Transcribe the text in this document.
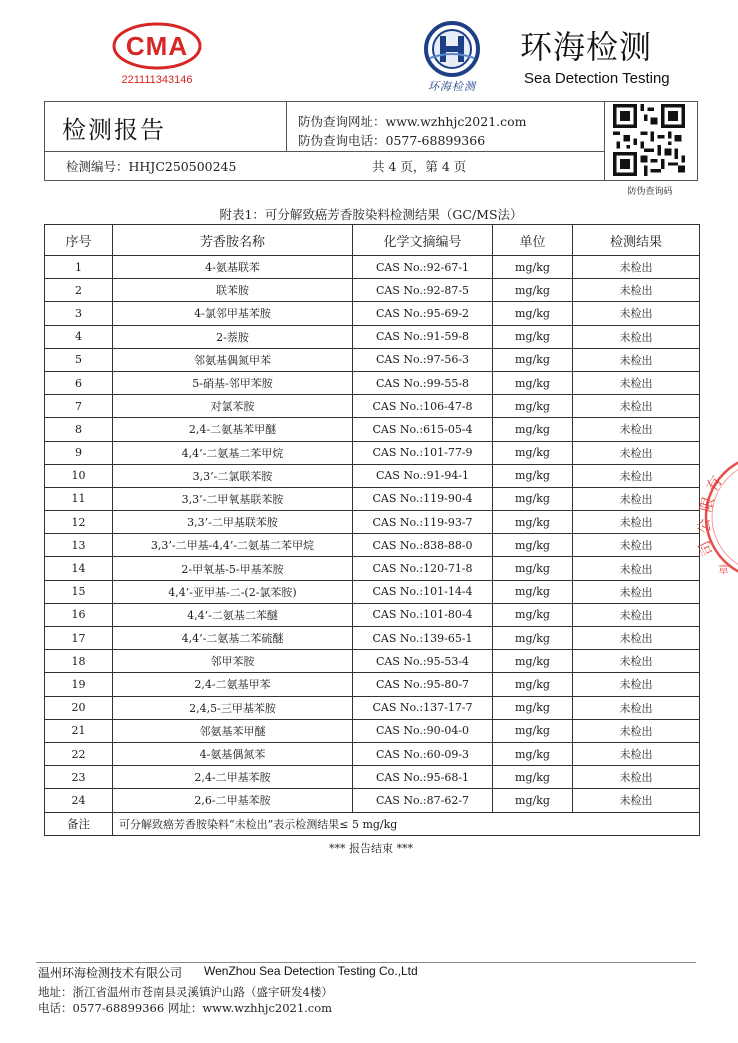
CMA
221111343146	环海检测
环海检测
Sea Detection Testing
检测报告	防伪查询网址：www.wzhhjc2021.com
防伪查询电话：0577-68899366
检测编号：HHJC250500245	共 4 页，第 4 页
防伪查询码
附表1：可分解致癌芳香胺染料检测结果（GC/MS法）
序号	芳香胺名称	化学文摘编号	单位	检测结果
1	4-氨基联苯	CAS No.:92-67-1	mg/kg	未检出
2	联苯胺	CAS No.:92-87-5	mg/kg	未检出
3	4-氯邻甲基苯胺	CAS No.:95-69-2	mg/kg	未检出
4	2-萘胺	CAS No.:91-59-8	mg/kg	未检出
5	邻氨基偶氮甲苯	CAS No.:97-56-3	mg/kg	未检出
6	5-硝基-邻甲苯胺	CAS No.:99-55-8	mg/kg	未检出
7	对氯苯胺	CAS No.:106-47-8	mg/kg	未检出
8	2,4-二氨基苯甲醚	CAS No.:615-05-4	mg/kg	未检出
9	4,4’-二氨基二苯甲烷	CAS No.:101-77-9	mg/kg	未检出
10	3,3’-二氯联苯胺	CAS No.:91-94-1	mg/kg	未检出
11	3,3’-二甲氧基联苯胺	CAS No.:119-90-4	mg/kg	未检出
12	3,3’-二甲基联苯胺	CAS No.:119-93-7	mg/kg	未检出
13	3,3’-二甲基-4,4’-二氨基二苯甲烷	CAS No.:838-88-0	mg/kg	未检出
14	2-甲氧基-5-甲基苯胺	CAS No.:120-71-8	mg/kg	未检出
15	4,4’-亚甲基-二-(2-氯苯胺)	CAS No.:101-14-4	mg/kg	未检出
16	4,4’-二氨基二苯醚	CAS No.:101-80-4	mg/kg	未检出
17	4,4’-二氨基二苯硫醚	CAS No.:139-65-1	mg/kg	未检出
18	邻甲苯胺	CAS No.:95-53-4	mg/kg	未检出
19	2,4-二氨基甲苯	CAS No.:95-80-7	mg/kg	未检出
20	2,4,5-三甲基苯胺	CAS No.:137-17-7	mg/kg	未检出
21	邻氨基苯甲醚	CAS No.:90-04-0	mg/kg	未检出
22	4-氨基偶氮苯	CAS No.:60-09-3	mg/kg	未检出
23	2,4-二甲基苯胺	CAS No.:95-68-1	mg/kg	未检出
24	2,6-二甲基苯胺	CAS No.:87-62-7	mg/kg	未检出
备注	可分解致癌芳香胺染料“未检出”表示检测结果≤ 5 mg/kg			
*** 报告结束 ***
有
限
公
司
章
温州环海检测技术有限公司 WenZhou Sea Detection Testing Co.,Ltd
地址：浙江省温州市苍南县灵溪镇沪山路（盛宇研发4楼）
电话：0577-68899366 网址：www.wzhhjc2021.com
